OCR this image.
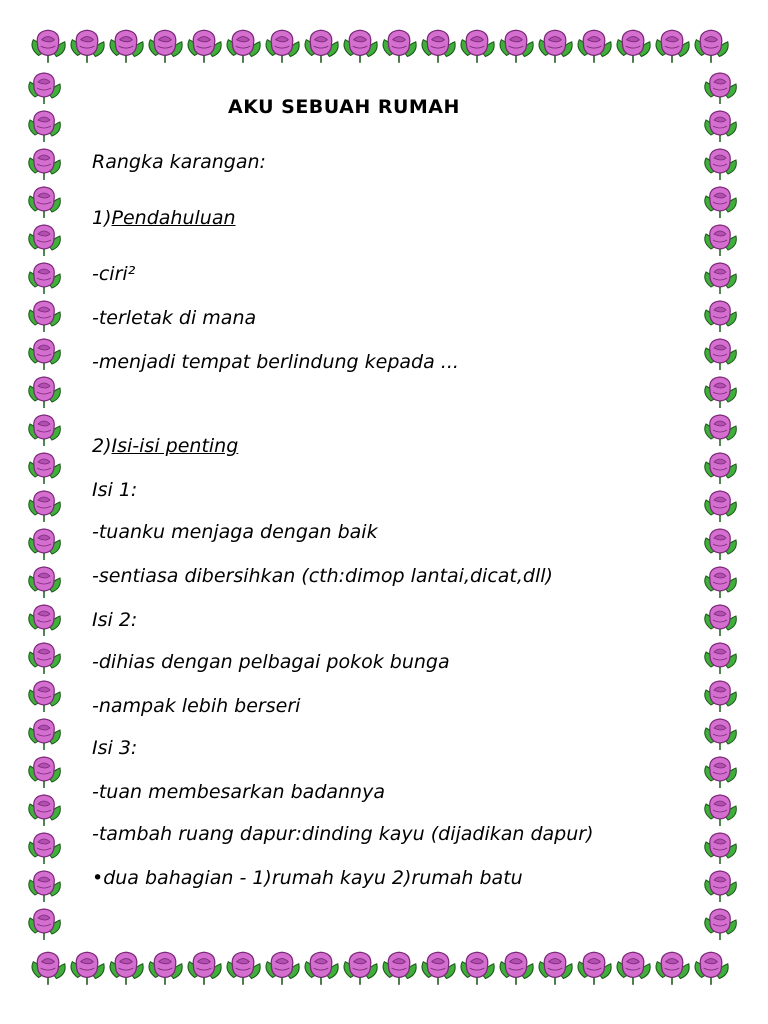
AKU SEBUAH RUMAH
Rangka karangan:
1)Pendahuluan
-ciri²
-terletak di mana
-menjadi tempat berlindung kepada ...
2)Isi-isi penting
Isi 1:
-tuanku menjaga dengan baik
-sentiasa dibersihkan (cth:dimop lantai,dicat,dll)
Isi 2:
-dihias dengan pelbagai pokok bunga
-nampak lebih berseri
Isi 3:
-tuan membesarkan badannya
-tambah ruang dapur:dinding kayu (dijadikan dapur)
•dua bahagian - 1)rumah kayu 2)rumah batu
